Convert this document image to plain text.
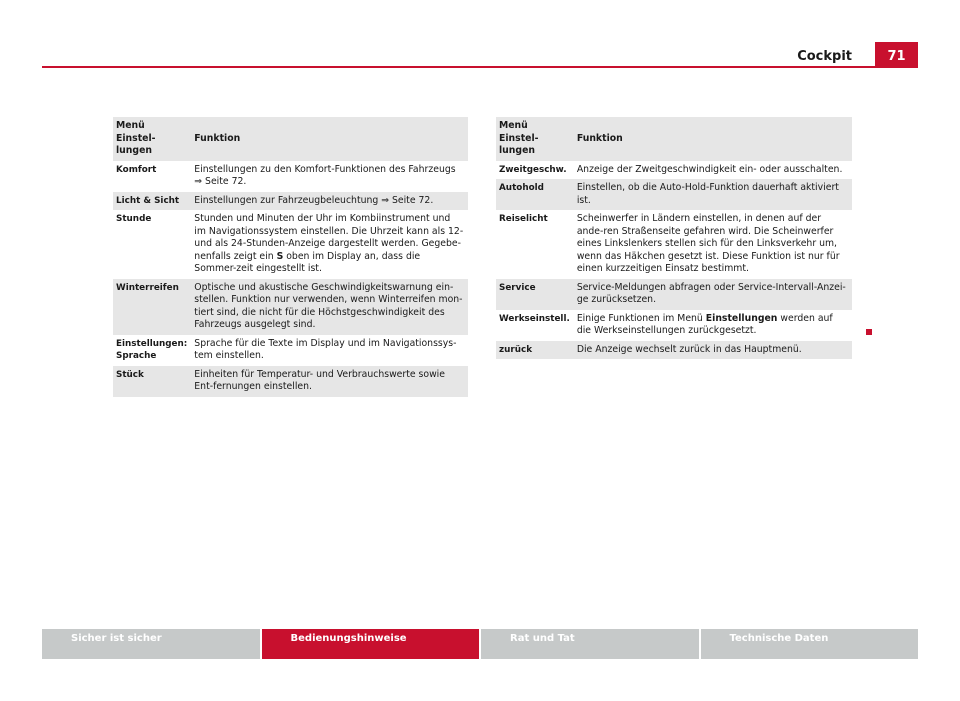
Cockpit	71
Menü Einstel-
lungen	Funktion
Komfort	Einstellungen zu den Komfort-Funktionen des Fahrzeugs ⇒ Seite 72.
Licht & Sicht	Einstellungen zur Fahrzeugbeleuchtung ⇒ Seite 72.
Stunde	Stunden und Minuten der Uhr im Kombiinstrument und im Navigationssystem einstellen. Die Uhrzeit kann als 12- und als 24-Stunden-Anzeige dargestellt werden. Gegebe-nenfalls zeigt ein S oben im Display an, dass die Sommer-zeit eingestellt ist.
Winterreifen	Optische und akustische Geschwindigkeitswarnung ein-stellen. Funktion nur verwenden, wenn Winterreifen mon-tiert sind, die nicht für die Höchstgeschwindigkeit des Fahrzeugs ausgelegt sind.
Einstellungen: Sprache	Sprache für die Texte im Display und im Navigationssys-tem einstellen.
Stück	Einheiten für Temperatur- und Verbrauchswerte sowie Ent-fernungen einstellen.
Menü Einstel-
lungen	Funktion
Zweitgeschw.	Anzeige der Zweitgeschwindigkeit ein- oder ausschalten.
Autohold	Einstellen, ob die Auto-Hold-Funktion dauerhaft aktiviert ist.
Reiselicht	Scheinwerfer in Ländern einstellen, in denen auf der ande-ren Straßenseite gefahren wird. Die Scheinwerfer eines Linkslenkers stellen sich für den Linksverkehr um, wenn das Häkchen gesetzt ist. Diese Funktion ist nur für einen kurzzeitigen Einsatz bestimmt.
Service	Service-Meldungen abfragen oder Service-Intervall-Anzei-ge zurücksetzen.
Werkseinstell.	Einige Funktionen im Menü Einstellungen werden auf die Werkseinstellungen zurückgesetzt.
zurück	Die Anzeige wechselt zurück in das Hauptmenü.
Sicher ist sicher	Bedienungshinweise	Rat und Tat	Technische Daten
